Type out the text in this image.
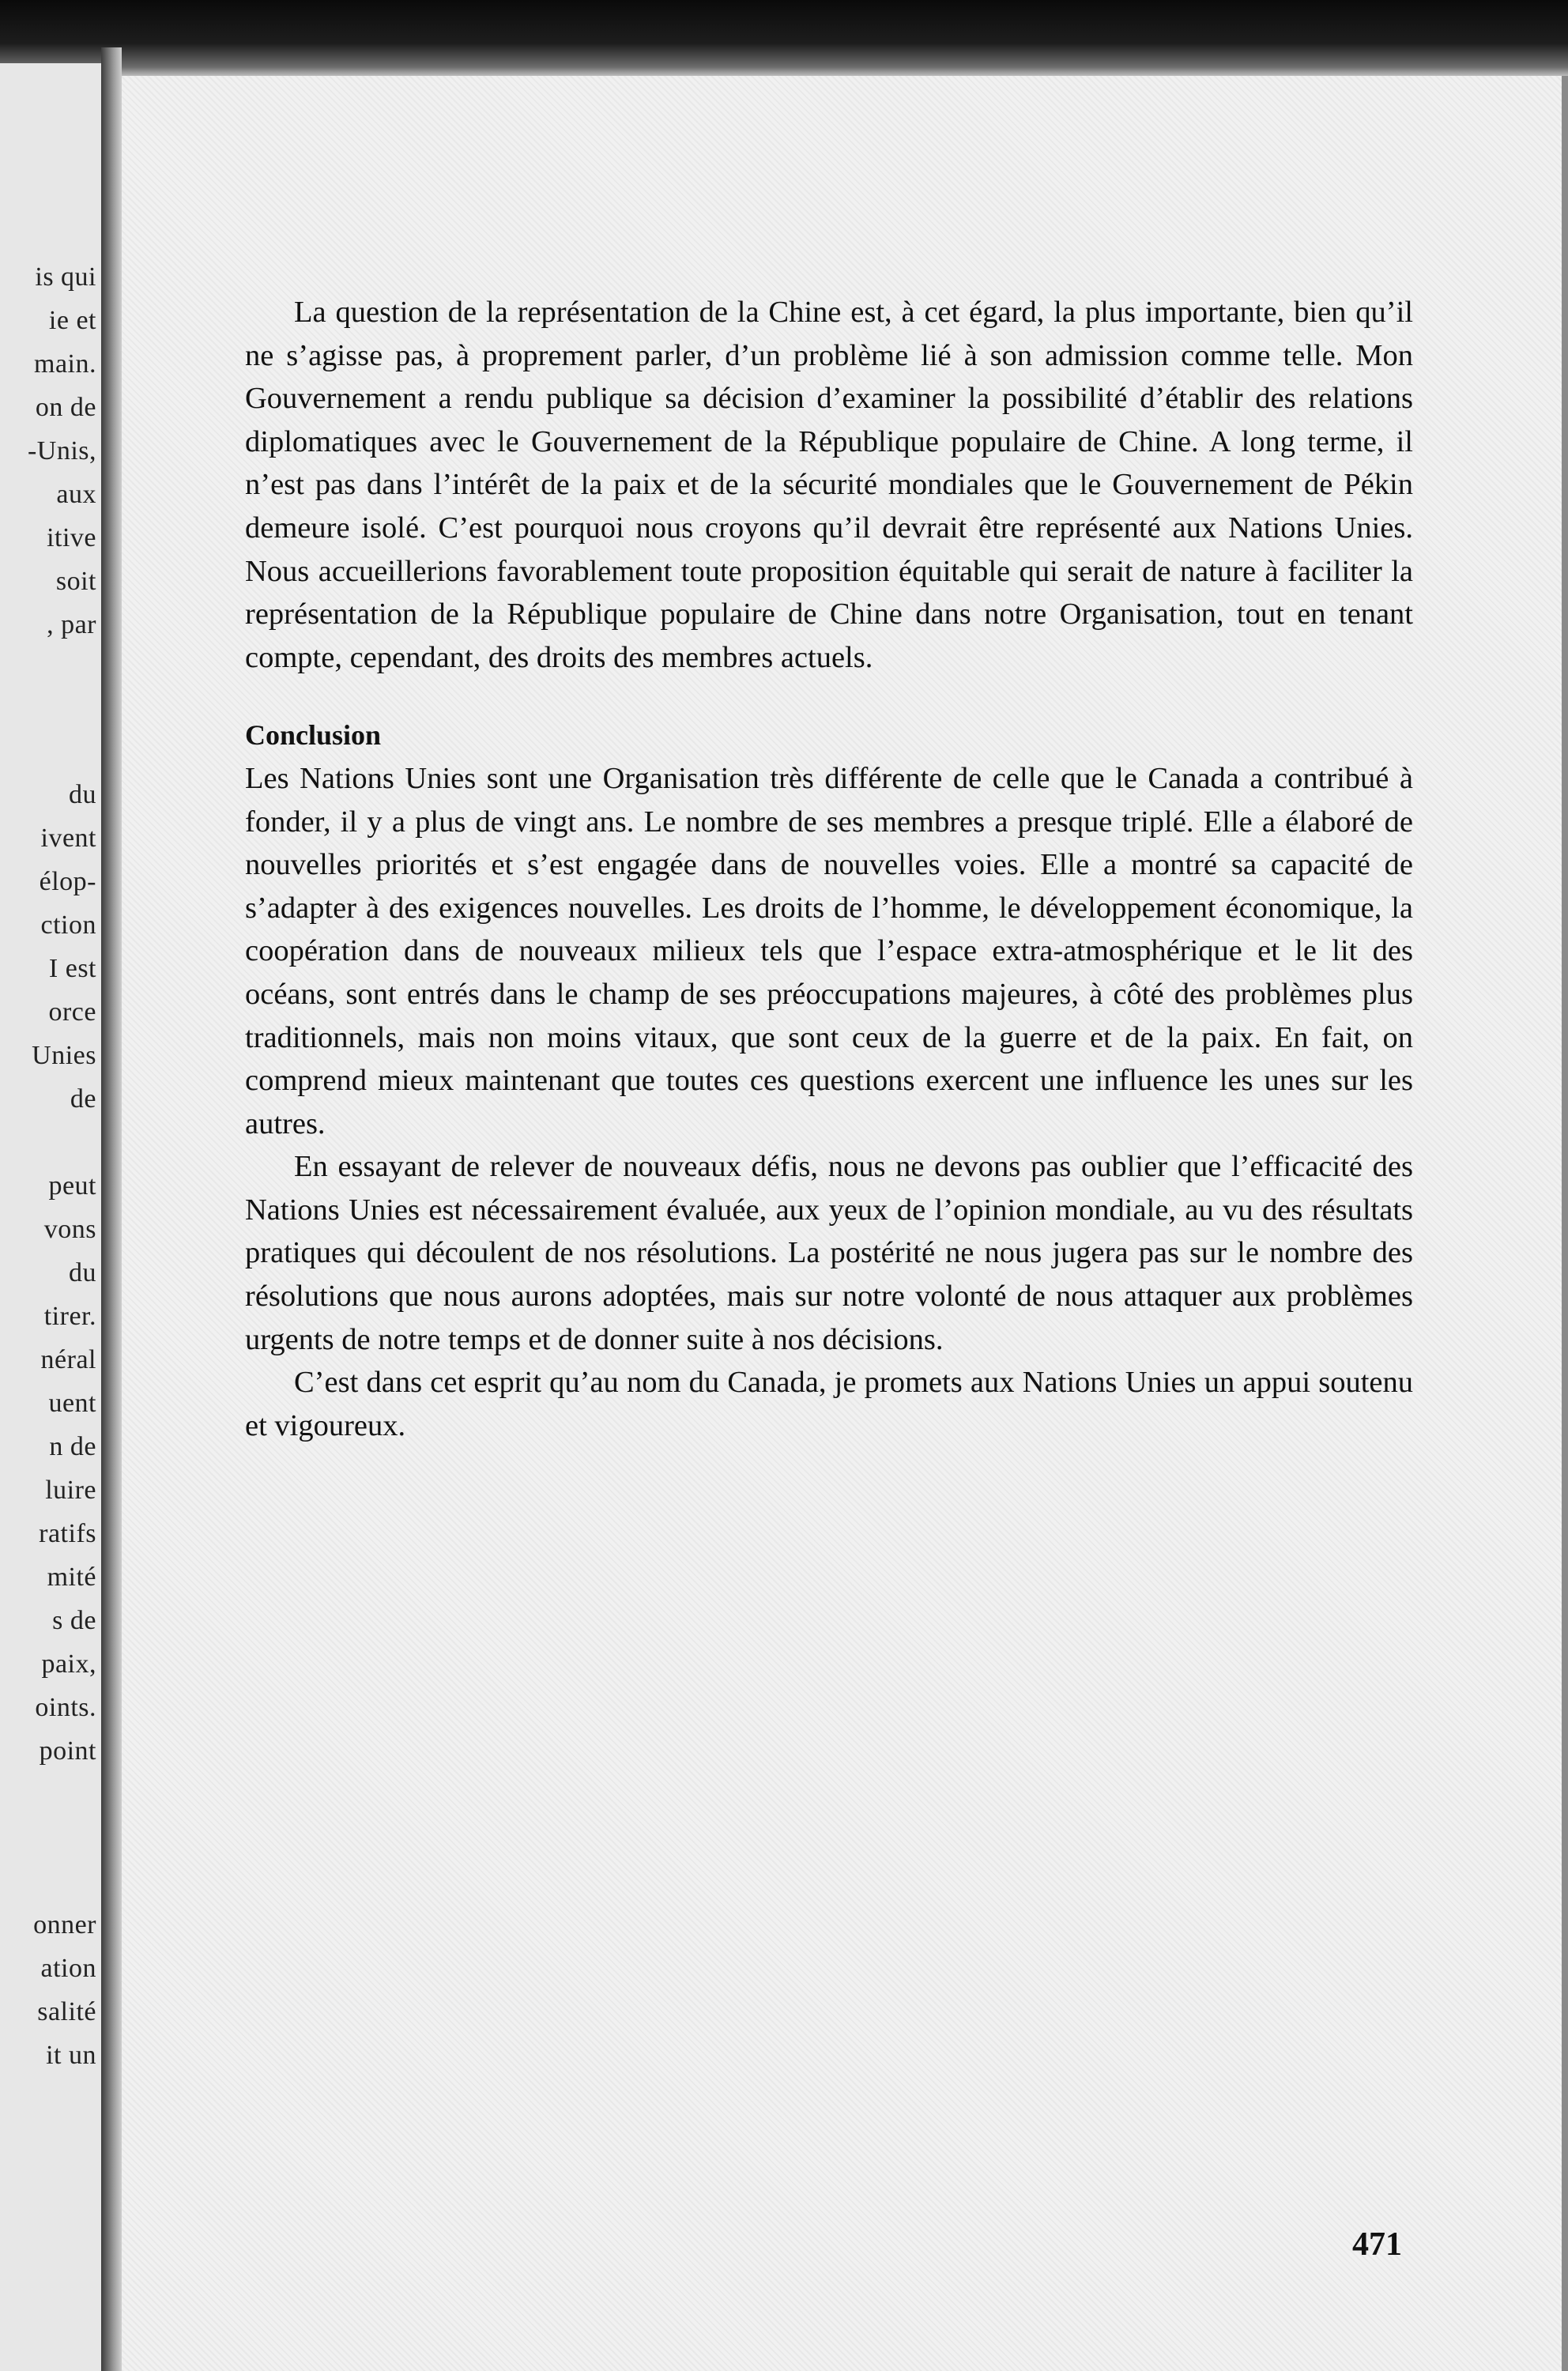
is qui
ie et
main.
on de
-Unis,
aux
itive
soit
, par
du
ivent
élop-
ction
I est
orce
Unies
de
peut
vons
du
tirer.
néral
uent
n de
luire
ratifs
mité
s de
paix,
oints.
point
onner
ation
salité
it un

La question de la représentation de la Chine est, à cet égard, la plus importante, bien qu’il ne s’agisse pas, à proprement parler, d’un problème lié à son admission comme telle. Mon Gouvernement a rendu publique sa décision d’examiner la possibilité d’établir des relations diplomatiques avec le Gouvernement de la République populaire de Chine. A long terme, il n’est pas dans l’intérêt de la paix et de la sécurité mondiales que le Gouvernement de Pékin demeure isolé. C’est pourquoi nous croyons qu’il devrait être représenté aux Nations Unies. Nous accueillerions favorablement toute proposition équitable qui serait de nature à faciliter la représentation de la République populaire de Chine dans notre Organisation, tout en tenant compte, cependant, des droits des membres actuels.

Conclusion

Les Nations Unies sont une Organisation très différente de celle que le Canada a contribué à fonder, il y a plus de vingt ans. Le nombre de ses membres a presque triplé. Elle a élaboré de nouvelles priorités et s’est engagée dans de nouvelles voies. Elle a montré sa capacité de s’adapter à des exigences nouvelles. Les droits de l’homme, le développement économique, la coopération dans de nouveaux milieux tels que l’espace extra-atmosphérique et le lit des océans, sont entrés dans le champ de ses préoccupations majeures, à côté des problèmes plus traditionnels, mais non moins vitaux, que sont ceux de la guerre et de la paix. En fait, on comprend mieux maintenant que toutes ces questions exercent une influence les unes sur les autres.

En essayant de relever de nouveaux défis, nous ne devons pas oublier que l’efficacité des Nations Unies est nécessairement évaluée, aux yeux de l’opinion mondiale, au vu des résultats pratiques qui découlent de nos résolutions. La postérité ne nous jugera pas sur le nombre des résolutions que nous aurons adoptées, mais sur notre volonté de nous attaquer aux problèmes urgents de notre temps et de donner suite à nos décisions.

C’est dans cet esprit qu’au nom du Canada, je promets aux Nations Unies un appui soutenu et vigoureux.

471
